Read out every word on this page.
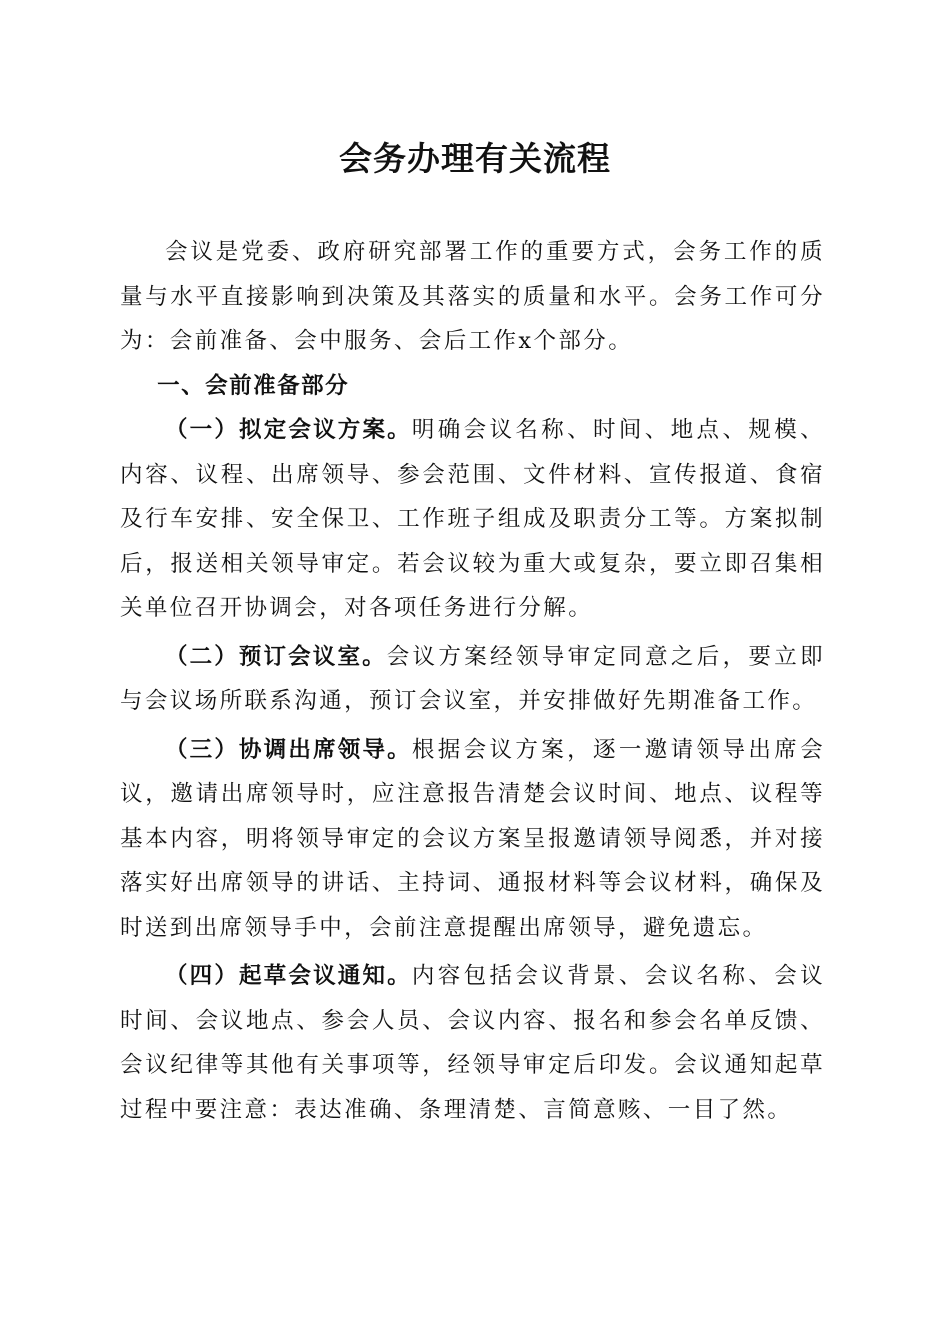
会务办理有关流程

会议是党委、政府研究部署工作的重要方式，会务工作的质量与水平直接影响到决策及其落实的质量和水平。会务工作可分为：会前准备、会中服务、会后工作x个部分。

一、会前准备部分

（一）拟定会议方案。明确会议名称、时间、地点、规模、内容、议程、出席领导、参会范围、文件材料、宣传报道、食宿及行车安排、安全保卫、工作班子组成及职责分工等。方案拟制后，报送相关领导审定。若会议较为重大或复杂，要立即召集相关单位召开协调会，对各项任务进行分解。

（二）预订会议室。会议方案经领导审定同意之后，要立即与会议场所联系沟通，预订会议室，并安排做好先期准备工作。

（三）协调出席领导。根据会议方案，逐一邀请领导出席会议，邀请出席领导时，应注意报告清楚会议时间、地点、议程等基本内容，明将领导审定的会议方案呈报邀请领导阅悉，并对接落实好出席领导的讲话、主持词、通报材料等会议材料，确保及时送到出席领导手中，会前注意提醒出席领导，避免遗忘。

（四）起草会议通知。内容包括会议背景、会议名称、会议时间、会议地点、参会人员、会议内容、报名和参会名单反馈、会议纪律等其他有关事项等，经领导审定后印发。会议通知起草过程中要注意：表达准确、条理清楚、言简意赅、一目了然。
